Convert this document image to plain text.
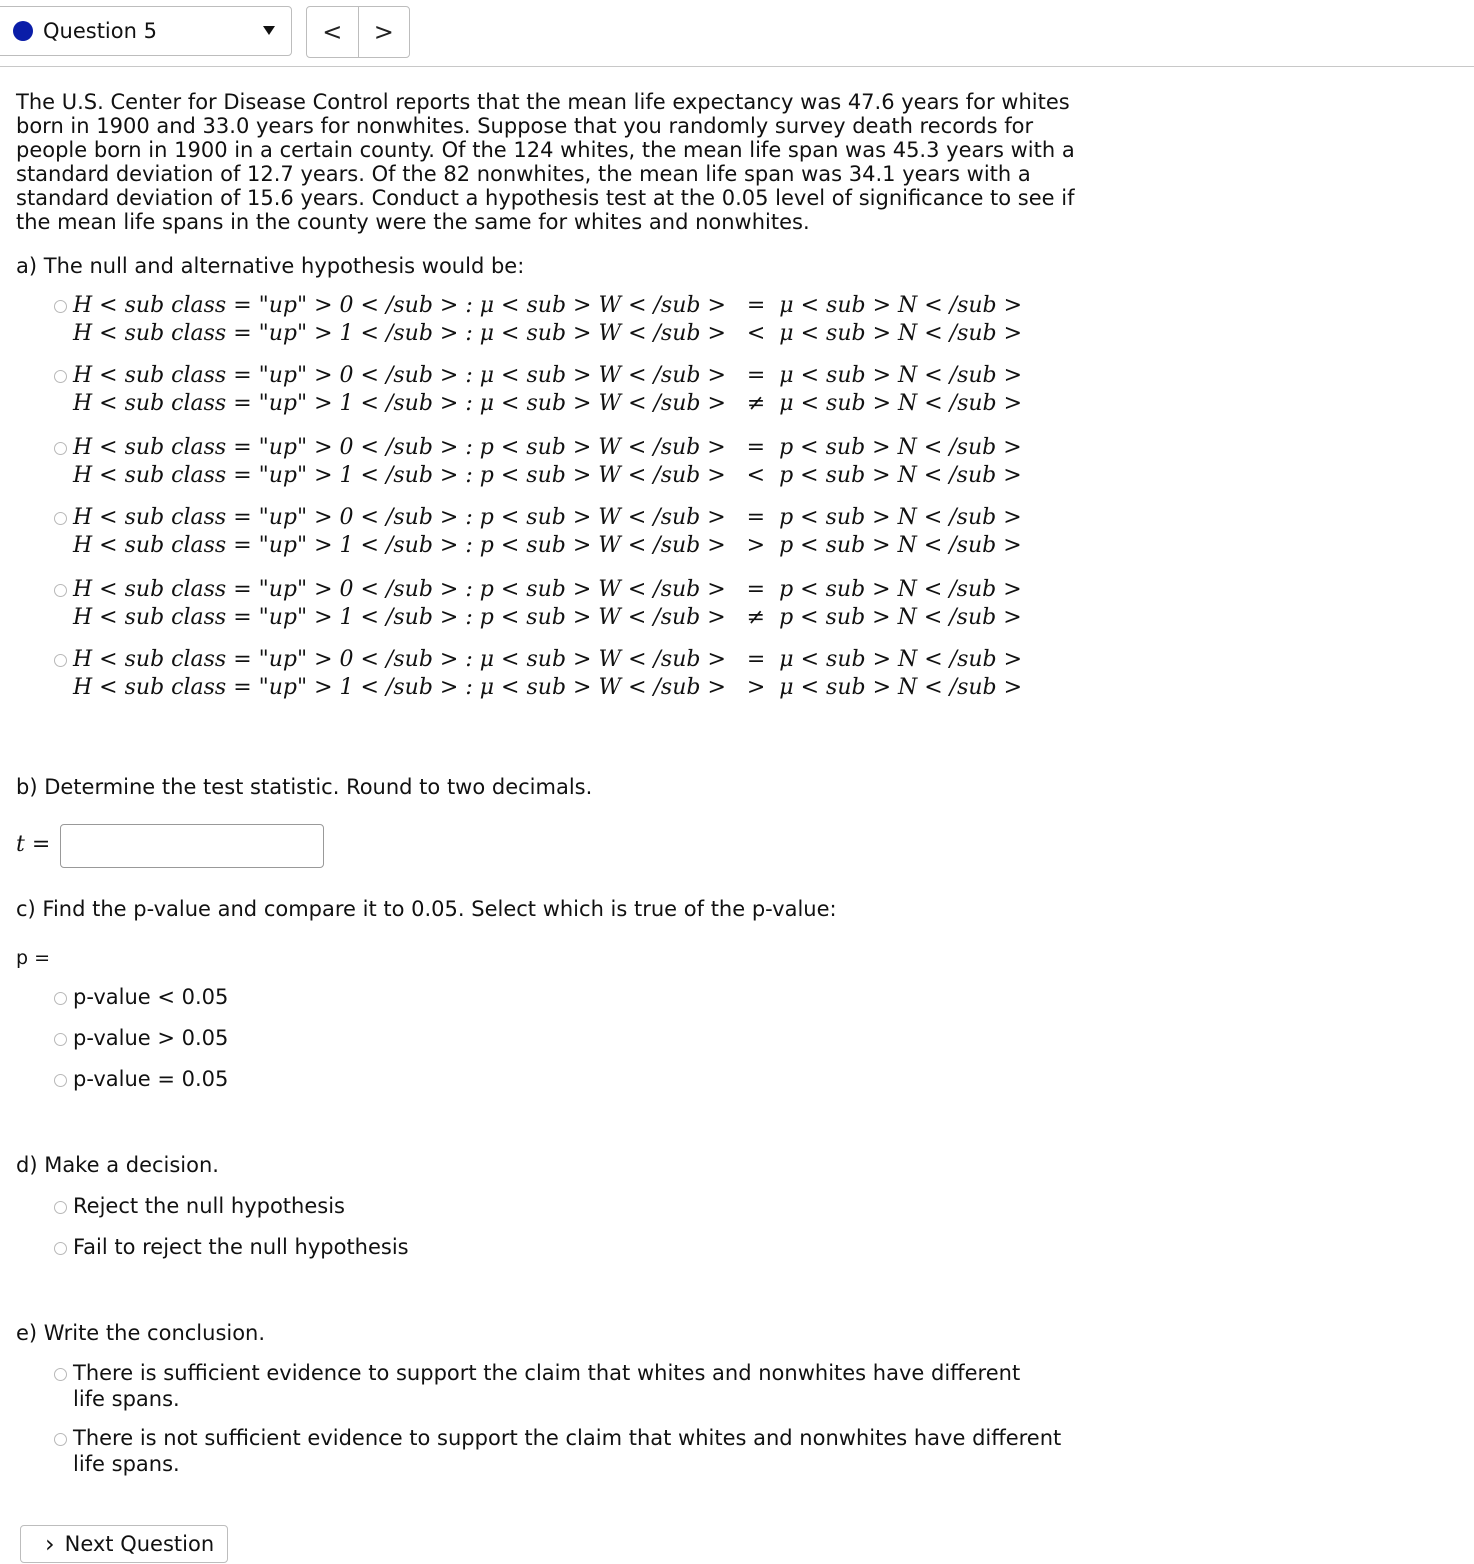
Question 5	<	>

The U.S. Center for Disease Control reports that the mean life expectancy was 47.6 years for whites born in 1900 and 33.0 years for nonwhites. Suppose that you randomly survey death records for people born in 1900 in a certain county. Of the 124 whites, the mean life span was 45.3 years with a standard deviation of 12.7 years. Of the 82 nonwhites, the mean life span was 34.1 years with a standard deviation of 15.6 years. Conduct a hypothesis test at the 0.05 level of significance to see if the mean life spans in the county were the same for whites and nonwhites.

a) The null and alternative hypothesis would be:
H < sub class = "up" > 0 < /sub > : μ < sub > W < /sub >   =  μ < sub > N < /sub >
H < sub class = "up" > 1 < /sub > : μ < sub > W < /sub >   <  μ < sub > N < /sub >
H < sub class = "up" > 0 < /sub > : μ < sub > W < /sub >   =  μ < sub > N < /sub >
H < sub class = "up" > 1 < /sub > : μ < sub > W < /sub >   ≠  μ < sub > N < /sub >
H < sub class = "up" > 0 < /sub > : p < sub > W < /sub >   =  p < sub > N < /sub >
H < sub class = "up" > 1 < /sub > : p < sub > W < /sub >   <  p < sub > N < /sub >
H < sub class = "up" > 0 < /sub > : p < sub > W < /sub >   =  p < sub > N < /sub >
H < sub class = "up" > 1 < /sub > : p < sub > W < /sub >   >  p < sub > N < /sub >
H < sub class = "up" > 0 < /sub > : p < sub > W < /sub >   =  p < sub > N < /sub >
H < sub class = "up" > 1 < /sub > : p < sub > W < /sub >   ≠  p < sub > N < /sub >
H < sub class = "up" > 0 < /sub > : μ < sub > W < /sub >   =  μ < sub > N < /sub >
H < sub class = "up" > 1 < /sub > : μ < sub > W < /sub >   >  μ < sub > N < /sub >
b) Determine the test statistic. Round to two decimals.
t =
c) Find the p-value and compare it to 0.05. Select which is true of the p-value:
p =
p-value < 0.05
p-value > 0.05
p-value = 0.05
d) Make a decision.
Reject the null hypothesis
Fail to reject the null hypothesis
e) Write the conclusion.
There is sufficient evidence to support the claim that whites and nonwhites have different life spans.
There is not sufficient evidence to support the claim that whites and nonwhites have different life spans.
› Next Question
